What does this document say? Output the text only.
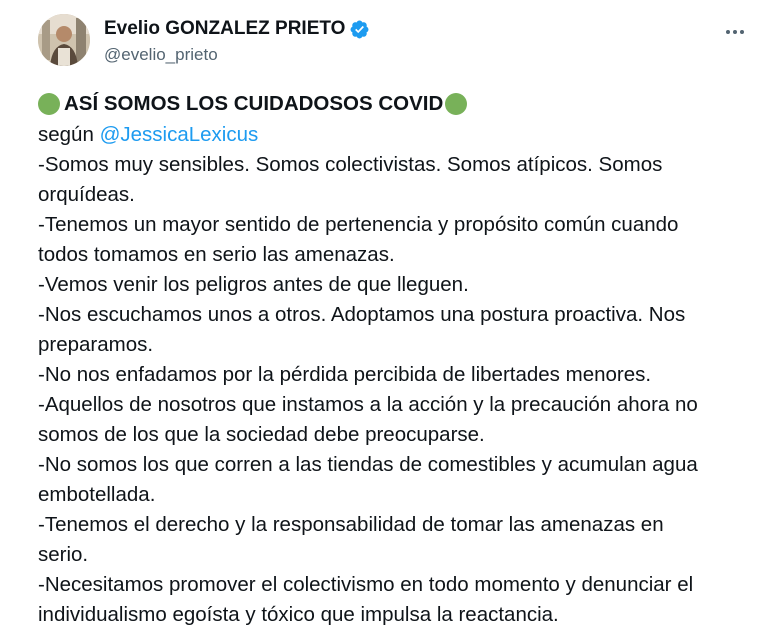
Evelio GONZALEZ PRIETO
@evelio_prieto
ASÍ SOMOS LOS CUIDADOSOS COVID
según @JessicaLexicus
-Somos muy sensibles. Somos colectivistas. Somos atípicos. Somos
orquídeas.
-Tenemos un mayor sentido de pertenencia y propósito común cuando
todos tomamos en serio las amenazas.
-Vemos venir los peligros antes de que lleguen.
-Nos escuchamos unos a otros. Adoptamos una postura proactiva. Nos
preparamos.
-No nos enfadamos por la pérdida percibida de libertades menores.
-Aquellos de nosotros que instamos a la acción y la precaución ahora no
somos de los que la sociedad debe preocuparse.
-No somos los que corren a las tiendas de comestibles y acumulan agua
embotellada.
-Tenemos el derecho y la responsabilidad de tomar las amenazas en
serio.
-Necesitamos promover el colectivismo en todo momento y denunciar el
individualismo egoísta y tóxico que impulsa la reactancia.
